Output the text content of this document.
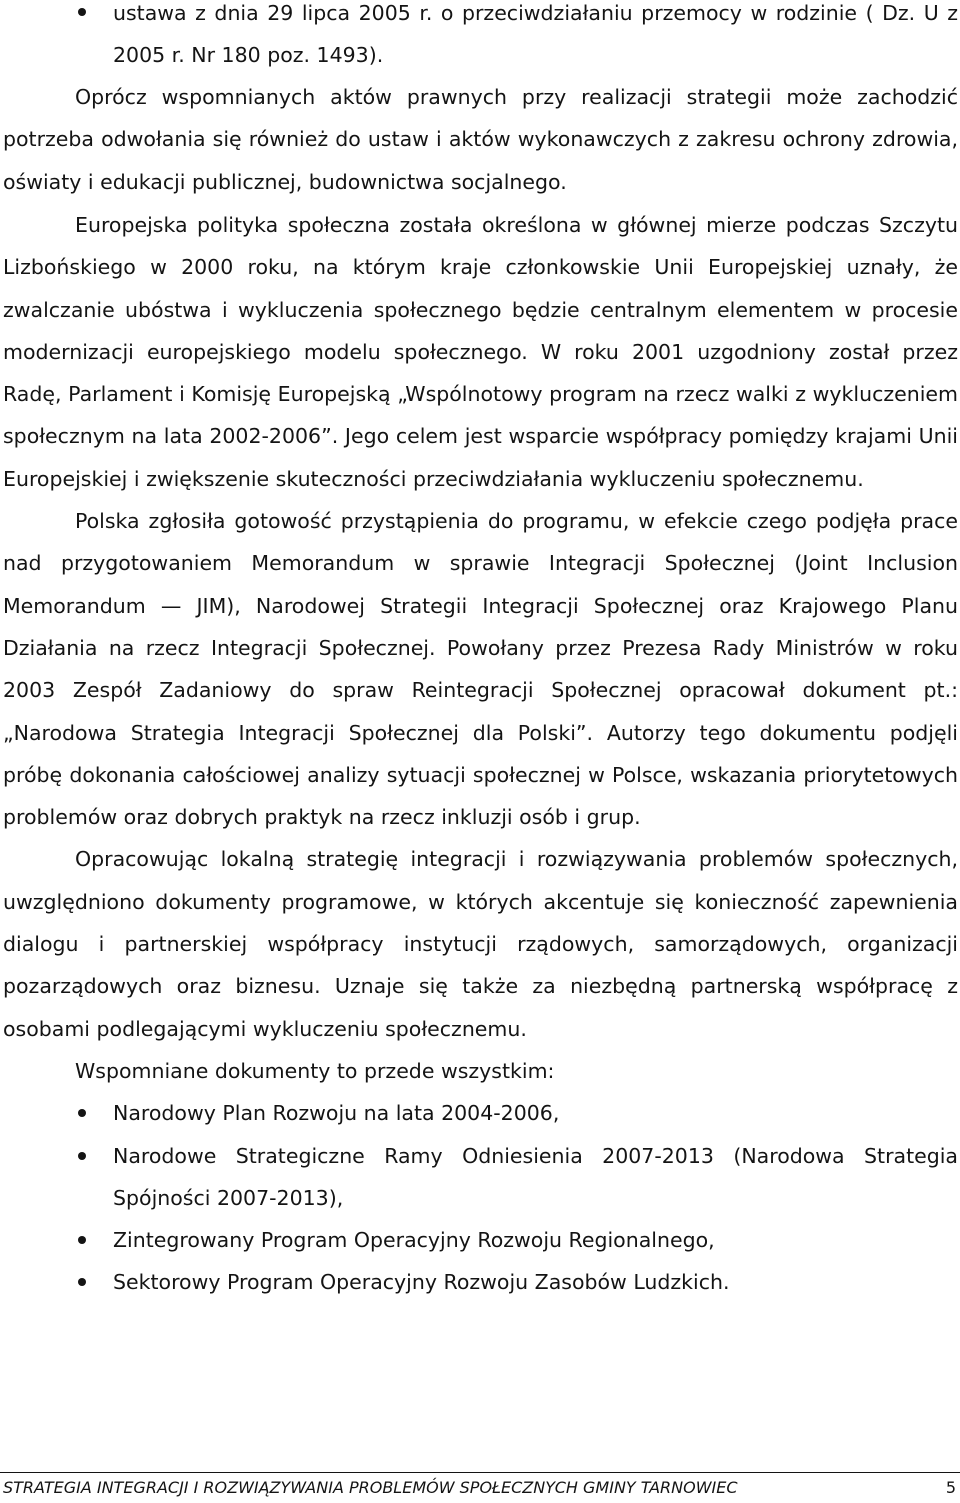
ustawa z dnia 29 lipca 2005 r. o przeciwdziałaniu przemocy w rodzinie ( Dz. U z 2005 r. Nr 180 poz. 1493).

Oprócz wspomnianych aktów prawnych przy realizacji strategii może zachodzić potrzeba odwołania się również do ustaw i aktów wykonawczych z zakresu ochrony zdrowia, oświaty i edukacji publicznej, budownictwa socjalnego.

Europejska polityka społeczna została określona w głównej mierze podczas Szczytu Lizbońskiego w 2000 roku, na którym kraje członkowskie Unii Europejskiej uznały, że zwalczanie ubóstwa i wykluczenia społecznego będzie centralnym elementem w procesie modernizacji europejskiego modelu społecznego. W roku 2001 uzgodniony został przez Radę, Parlament i Komisję Europejską „Wspólnotowy program na rzecz walki z wykluczeniem społecznym na lata 2002-2006”. Jego celem jest wsparcie współpracy pomiędzy krajami Unii Europejskiej i zwiększenie skuteczności przeciwdziałania wykluczeniu społecznemu.

Polska zgłosiła gotowość przystąpienia do programu, w efekcie czego podjęła prace nad przygotowaniem Memorandum w sprawie Integracji Społecznej (Joint Inclusion Memorandum — JIM), Narodowej Strategii Integracji Społecznej oraz Krajowego Planu Działania na rzecz Integracji Społecznej. Powołany przez Prezesa Rady Ministrów w roku 2003 Zespół Zadaniowy do spraw Reintegracji Społecznej opracował dokument pt.: „Narodowa Strategia Integracji Społecznej dla Polski”. Autorzy tego dokumentu podjęli próbę dokonania całościowej analizy sytuacji społecznej w Polsce, wskazania priorytetowych problemów oraz dobrych praktyk na rzecz inkluzji osób i grup.

Opracowując lokalną strategię integracji i rozwiązywania problemów społecznych, uwzględniono dokumenty programowe, w których akcentuje się konieczność zapewnienia dialogu i partnerskiej współpracy instytucji rządowych, samorządowych, organizacji pozarządowych oraz biznesu. Uznaje się także za niezbędną partnerską współpracę z osobami podlegającymi wykluczeniu społecznemu.

Wspomniane dokumenty to przede wszystkim:

Narodowy Plan Rozwoju na lata 2004-2006,
Narodowe Strategiczne Ramy Odniesienia 2007-2013 (Narodowa Strategia Spójności 2007-2013),
Zintegrowany Program Operacyjny Rozwoju Regionalnego,
Sektorowy Program Operacyjny Rozwoju Zasobów Ludzkich.
STRATEGIA INTEGRACJI I ROZWIĄZYWANIA PROBLEMÓW SPOŁECZNYCH GMINY TARNOWIEC	5
